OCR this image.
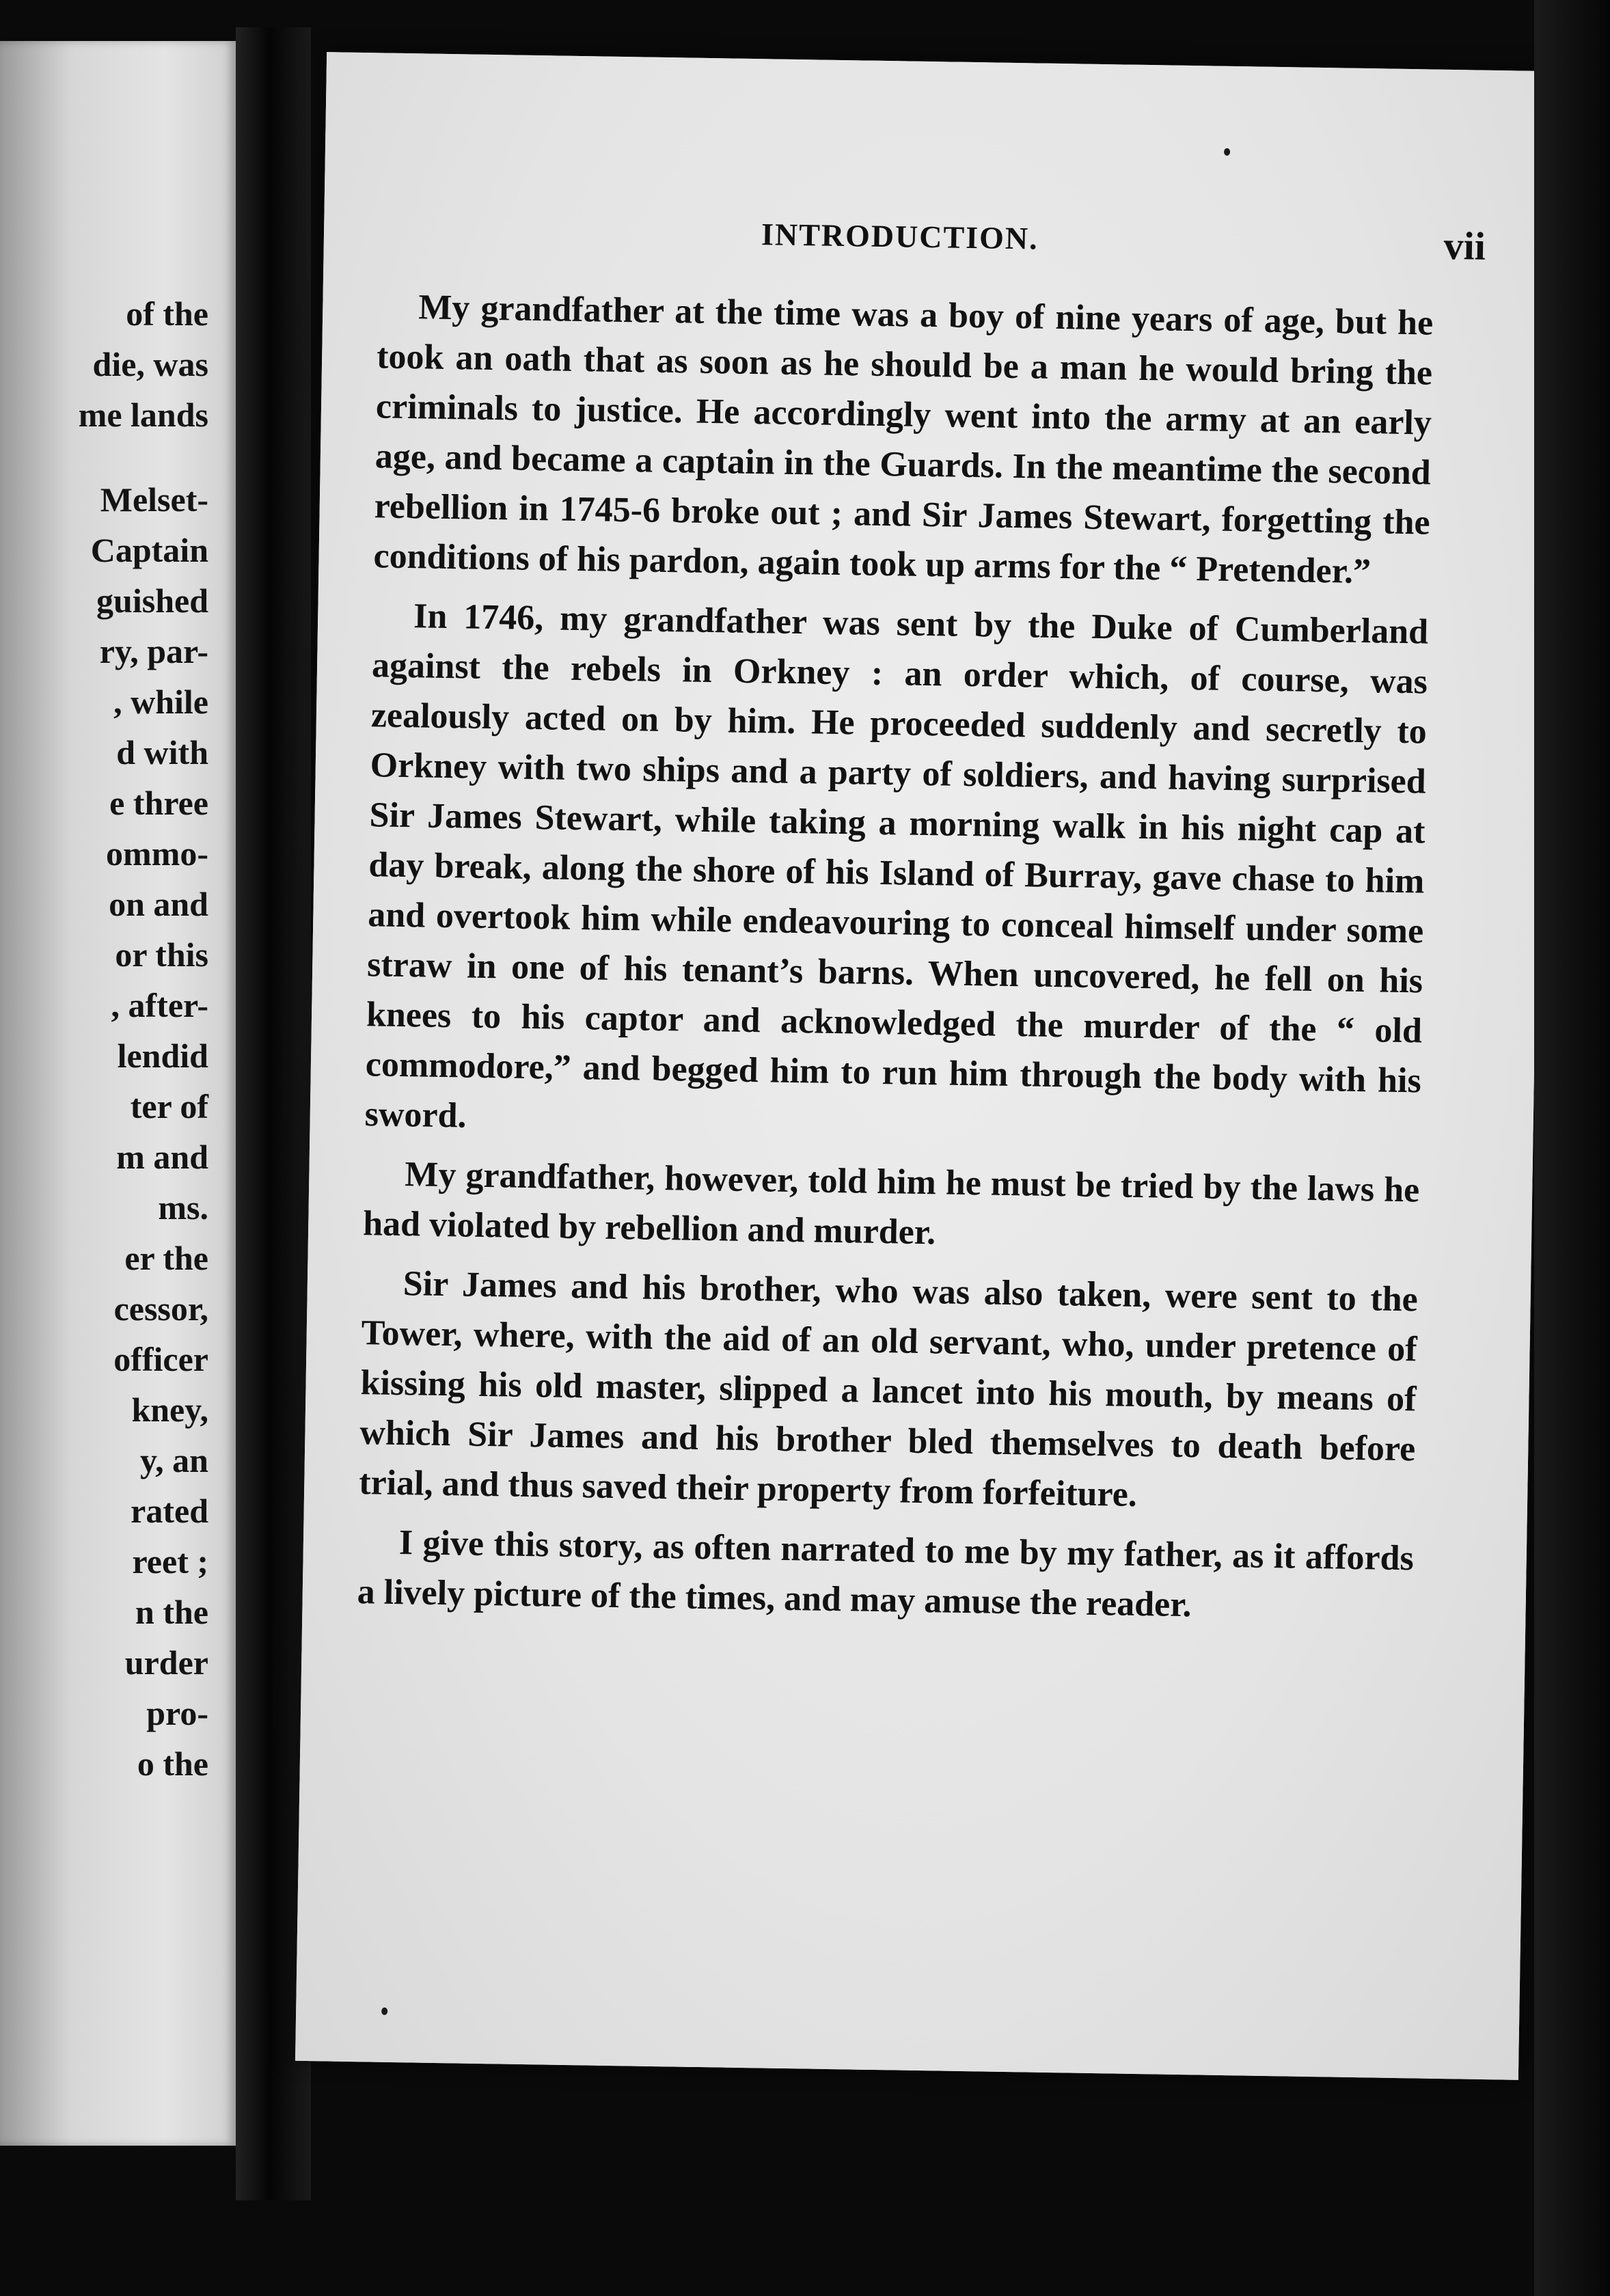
of the
die, was
me lands
Melset-
Captain
guished
ry, par-
, while
d with
e three
ommo-
on and
or this
, after-
lendid
ter of
m and
ms.
er the
cessor,
officer
kney,
y, an
rated
reet ;
n the
urder
pro-
o the
INTRODUCTION.	vii

My grandfather at the time was a boy of nine years of age, but he took an oath that as soon as he should be a man he would bring the criminals to justice. He accordingly went into the army at an early age, and became a captain in the Guards. In the meantime the second rebellion in 1745-6 broke out ; and Sir James Stewart, forgetting the conditions of his pardon, again took up arms for the “ Pretender.”

In 1746, my grandfather was sent by the Duke of Cumberland against the rebels in Orkney : an order which, of course, was zealously acted on by him. He proceeded suddenly and secretly to Orkney with two ships and a party of soldiers, and having surprised Sir James Stewart, while taking a morning walk in his night cap at day break, along the shore of his Island of Burray, gave chase to him and overtook him while endeavouring to conceal himself under some straw in one of his tenant’s barns. When uncovered, he fell on his knees to his captor and acknowledged the murder of the “ old commodore,” and begged him to run him through the body with his sword.

My grandfather, however, told him he must be tried by the laws he had violated by rebellion and murder.

Sir James and his brother, who was also taken, were sent to the Tower, where, with the aid of an old servant, who, under pretence of kissing his old master, slipped a lancet into his mouth, by means of which Sir James and his brother bled themselves to death before trial, and thus saved their property from forfeiture.

I give this story, as often narrated to me by my father, as it affords a lively picture of the times, and may amuse the reader.
